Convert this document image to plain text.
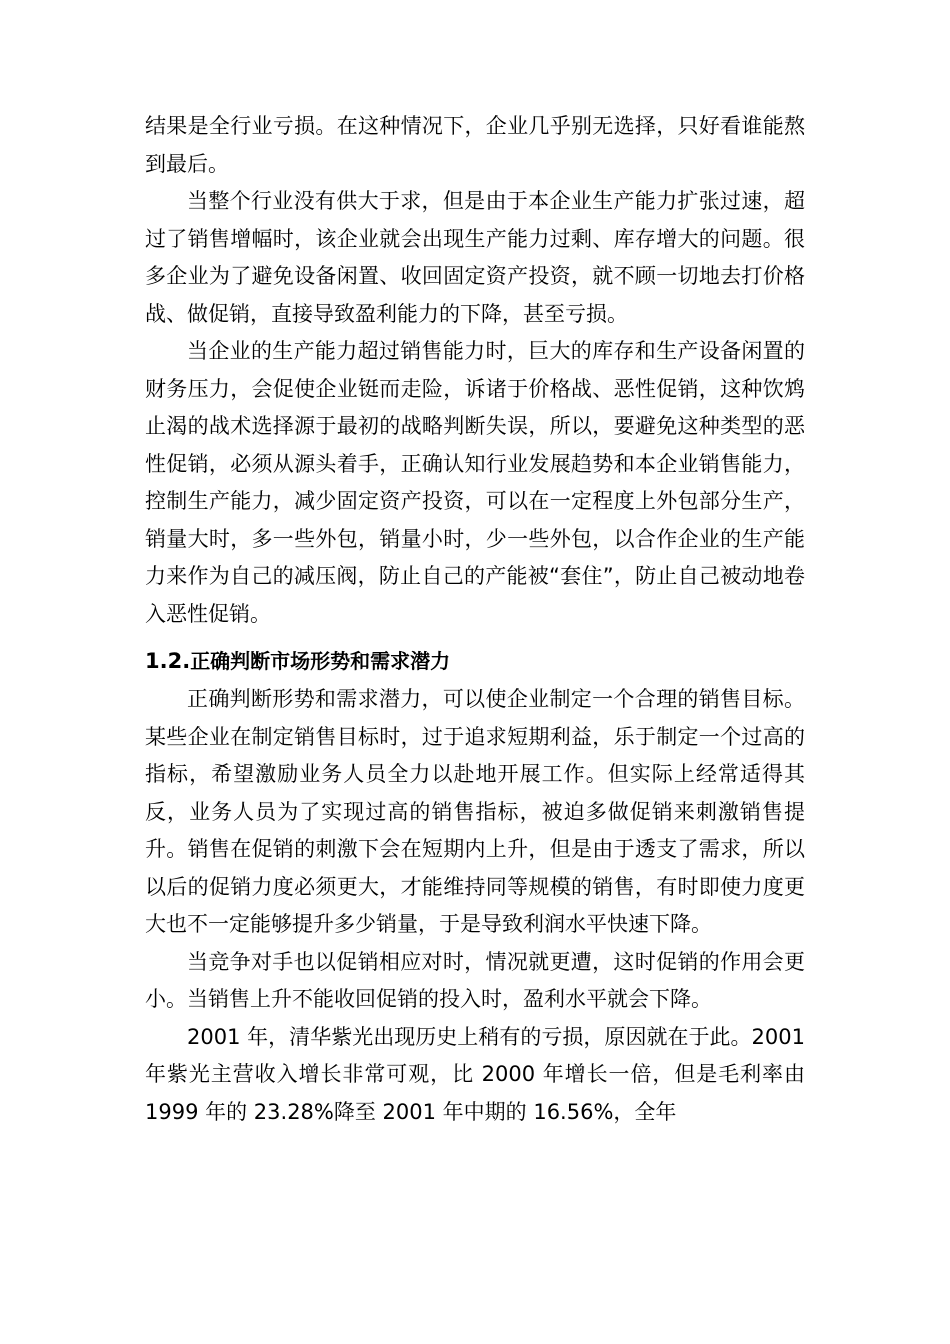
结果是全行业亏损。在这种情况下，企业几乎别无选择，只好看谁能熬到最后。

当整个行业没有供大于求，但是由于本企业生产能力扩张过速，超过了销售增幅时，该企业就会出现生产能力过剩、库存增大的问题。很多企业为了避免设备闲置、收回固定资产投资，就不顾一切地去打价格战、做促销，直接导致盈利能力的下降，甚至亏损。

当企业的生产能力超过销售能力时，巨大的库存和生产设备闲置的财务压力，会促使企业铤而走险，诉诸于价格战、恶性促销，这种饮鸩止渴的战术选择源于最初的战略判断失误，所以，要避免这种类型的恶性促销，必须从源头着手，正确认知行业发展趋势和本企业销售能力，控制生产能力，减少固定资产投资，可以在一定程度上外包部分生产，销量大时，多一些外包，销量小时，少一些外包，以合作企业的生产能力来作为自己的减压阀，防止自己的产能被“套住”，防止自己被动地卷入恶性促销。

1.2.正确判断市场形势和需求潜力

正确判断形势和需求潜力，可以使企业制定一个合理的销售目标。某些企业在制定销售目标时，过于追求短期利益，乐于制定一个过高的指标，希望激励业务人员全力以赴地开展工作。但实际上经常适得其反，业务人员为了实现过高的销售指标，被迫多做促销来刺激销售提升。销售在促销的刺激下会在短期内上升，但是由于透支了需求，所以以后的促销力度必须更大，才能维持同等规模的销售，有时即使力度更大也不一定能够提升多少销量，于是导致利润水平快速下降。

当竞争对手也以促销相应对时，情况就更遭，这时促销的作用会更小。当销售上升不能收回促销的投入时，盈利水平就会下降。

2001 年，清华紫光出现历史上稍有的亏损，原因就在于此。2001 年紫光主营收入增长非常可观，比 2000 年增长一倍，但是毛利率由 1999 年的 23.28%降至 2001 年中期的 16.56%，全年
